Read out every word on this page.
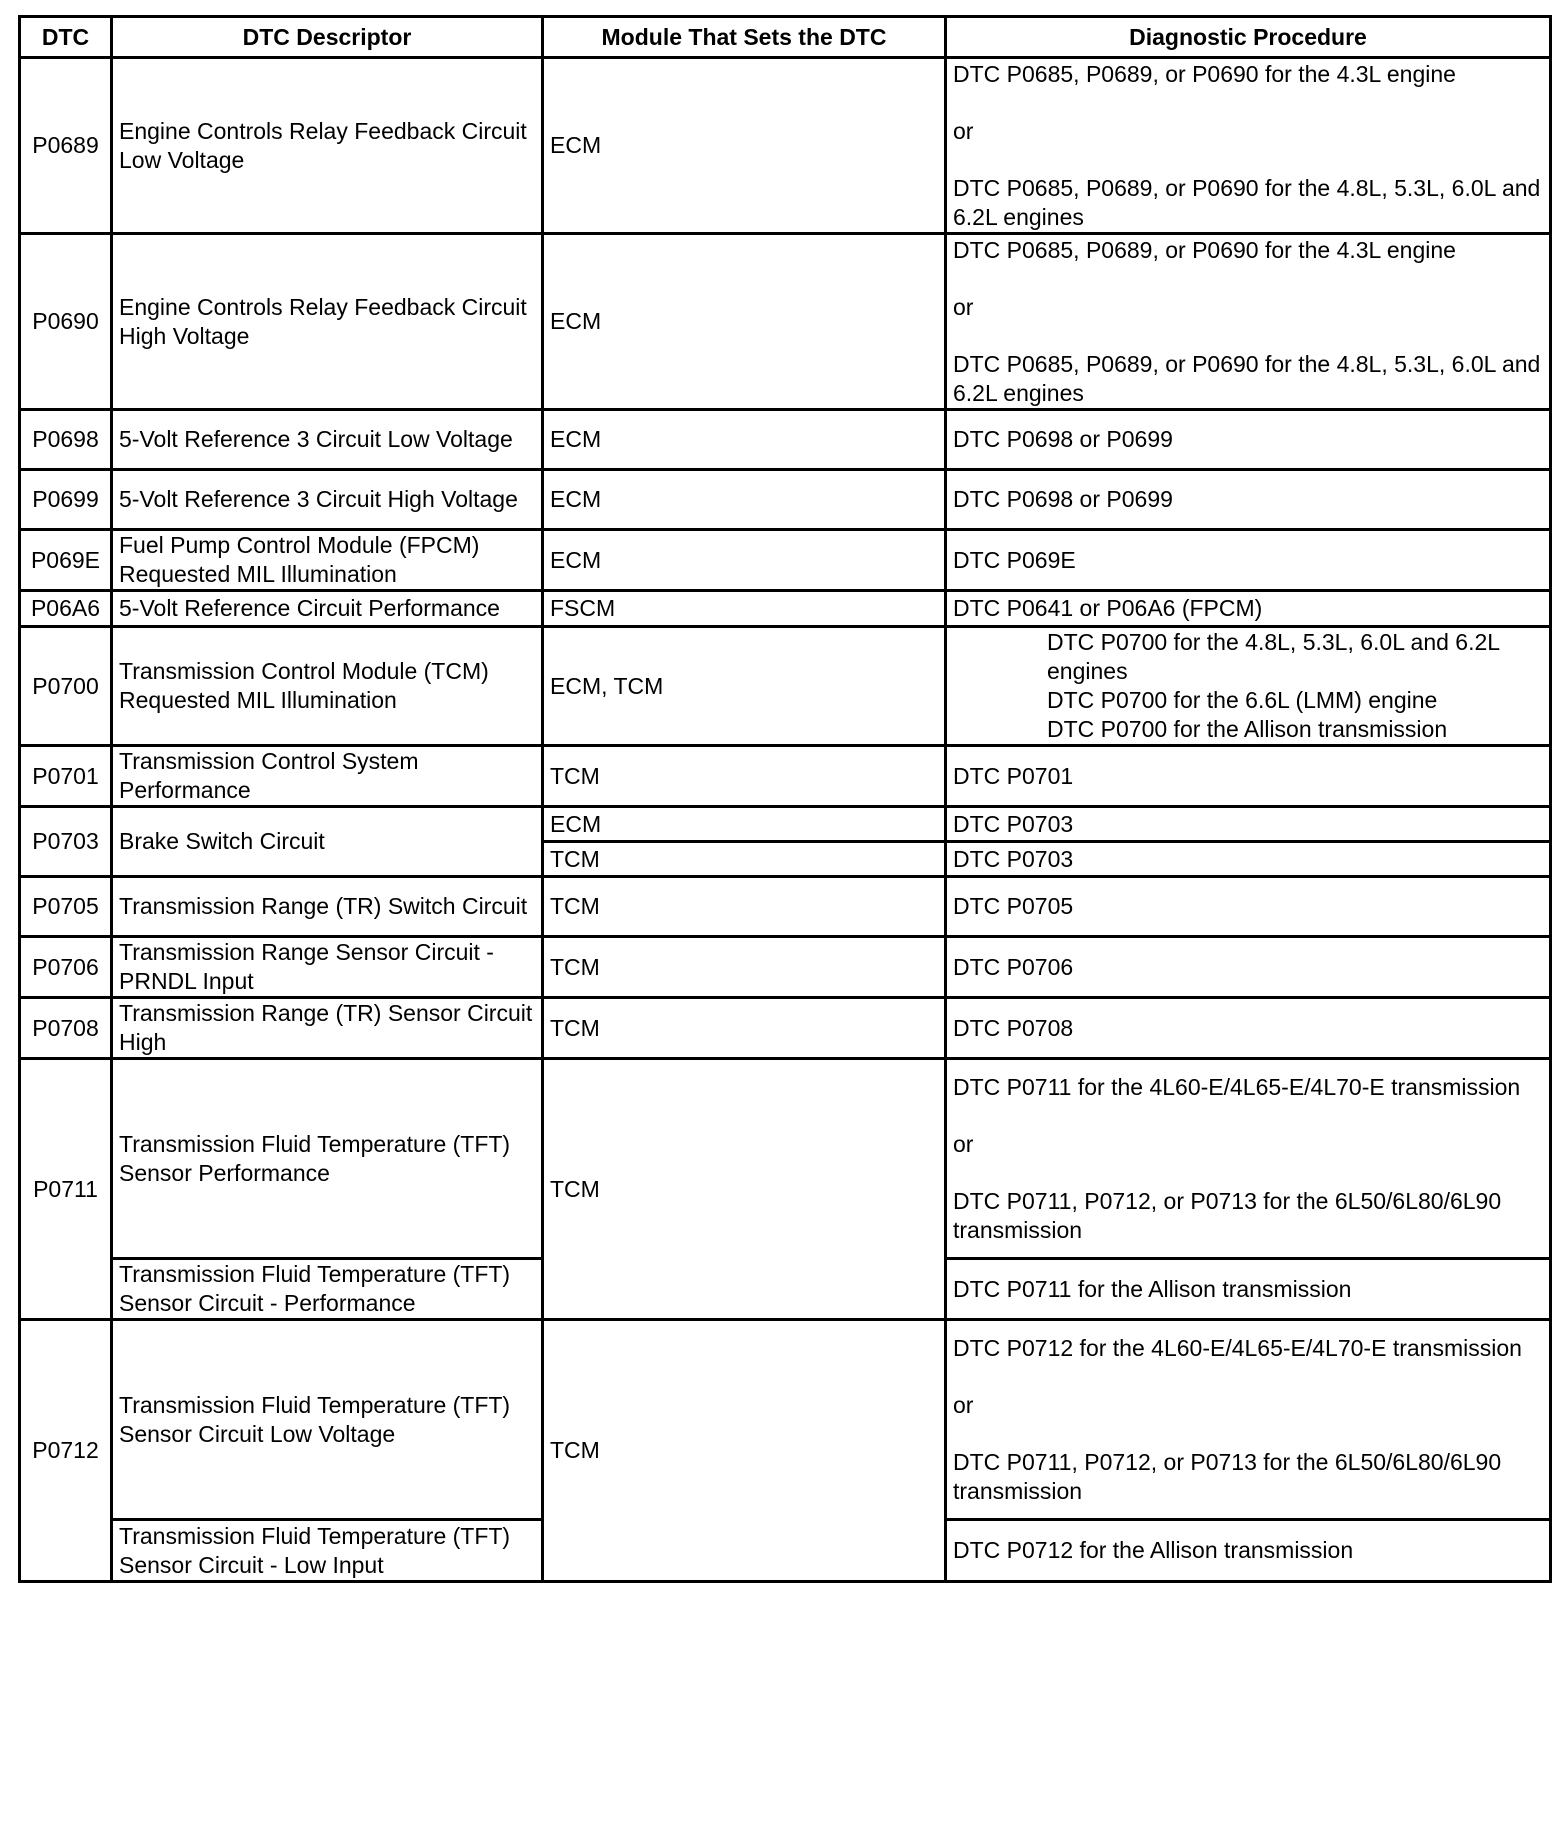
DTC	DTC Descriptor	Module That Sets the DTC	Diagnostic Procedure
P0689	Engine Controls Relay Feedback Circuit Low Voltage	ECM	DTC P0685, P0689, or P0690 for the 4.3L engine
or
DTC P0685, P0689, or P0690 for the 4.8L, 5.3L, 6.0L and 6.2L engines

P0690	Engine Controls Relay Feedback Circuit High Voltage	ECM	DTC P0685, P0689, or P0690 for the 4.3L engine
or
DTC P0685, P0689, or P0690 for the 4.8L, 5.3L, 6.0L and 6.2L engines

P0698	5-Volt Reference 3 Circuit Low Voltage	ECM	DTC P0698 or P0699
P0699	5-Volt Reference 3 Circuit High Voltage	ECM	DTC P0698 or P0699
P069E	Fuel Pump Control Module (FPCM) Requested MIL Illumination	ECM	DTC P069E
P06A6	5-Volt Reference Circuit Performance	FSCM	DTC P0641 or P06A6 (FPCM)
P0700	Transmission Control Module (TCM) Requested MIL Illumination	ECM, TCM	DTC P0700 for the 4.8L, 5.3L, 6.0L and 6.2L engines
DTC P0700 for the 6.6L (LMM) engine
DTC P0700 for the Allison transmission

P0701	Transmission Control System Performance	TCM	DTC P0701
P0703	Brake Switch Circuit	ECM	DTC P0703
		TCM	DTC P0703
P0705	Transmission Range (TR) Switch Circuit	TCM	DTC P0705
P0706	Transmission Range Sensor Circuit - PRNDL Input	TCM	DTC P0706
P0708	Transmission Range (TR) Sensor Circuit High	TCM	DTC P0708
P0711	Transmission Fluid Temperature (TFT) Sensor Performance	TCM	DTC P0711 for the 4L60-E/4L65-E/4L70-E transmission
or
DTC P0711, P0712, or P0713 for the 6L50/6L80/6L90 transmission

	Transmission Fluid Temperature (TFT) Sensor Circuit - Performance		DTC P0711 for the Allison transmission
P0712	Transmission Fluid Temperature (TFT) Sensor Circuit Low Voltage	TCM	DTC P0712 for the 4L60-E/4L65-E/4L70-E transmission
or
DTC P0711, P0712, or P0713 for the 6L50/6L80/6L90 transmission

	Transmission Fluid Temperature (TFT) Sensor Circuit - Low Input		DTC P0712 for the Allison transmission
